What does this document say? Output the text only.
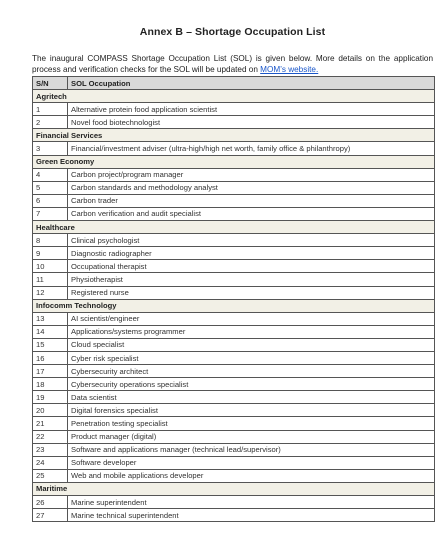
Annex B – Shortage Occupation List

The inaugural COMPASS Shortage Occupation List (SOL) is given below. More details on the application process and verification checks for the SOL will be updated on MOM’s website.

S/N	SOL Occupation
Agritech	
1	Alternative protein food application scientist
2	Novel food biotechnologist
Financial Services	
3	Financial/investment adviser (ultra-high/high net worth, family office & philanthropy)
Green Economy	
4	Carbon project/program manager
5	Carbon standards and methodology analyst
6	Carbon trader
7	Carbon verification and audit specialist
Healthcare	
8	Clinical psychologist
9	Diagnostic radiographer
10	Occupational therapist
11	Physiotherapist
12	Registered nurse
Infocomm Technology	
13	AI scientist/engineer
14	Applications/systems programmer
15	Cloud specialist
16	Cyber risk specialist
17	Cybersecurity architect
18	Cybersecurity operations specialist
19	Data scientist
20	Digital forensics specialist
21	Penetration testing specialist
22	Product manager (digital)
23	Software and applications manager (technical lead/supervisor)
24	Software developer
25	Web and mobile applications developer
Maritime	
26	Marine superintendent
27	Marine technical superintendent
